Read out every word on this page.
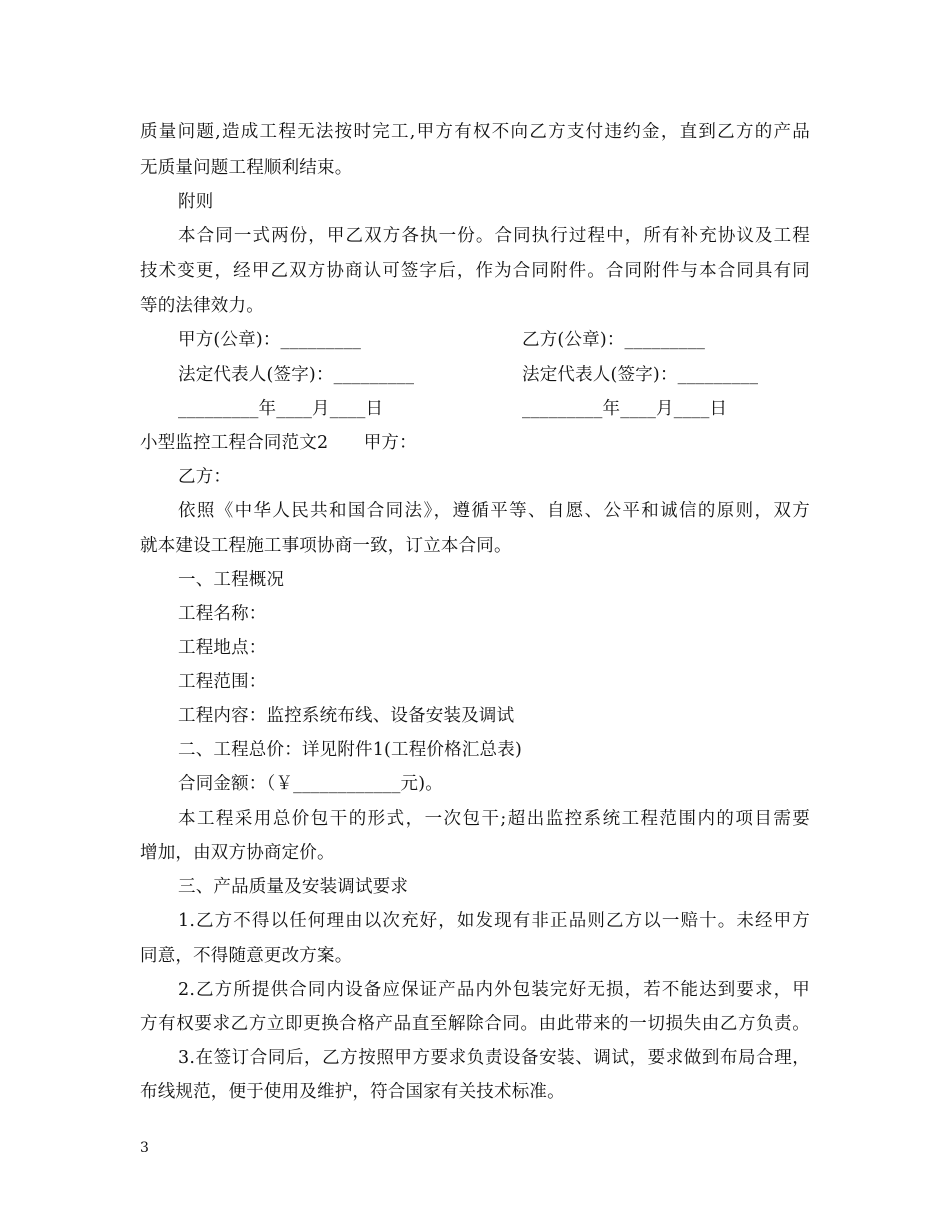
质量问题,造成工程无法按时完工,甲方有权不向乙方支付违约金，直到乙方的产品
无质量问题工程顺利结束。
附则
本合同一式两份，甲乙双方各执一份。合同执行过程中，所有补充协议及工程
技术变更，经甲乙双方协商认可签字后，作为合同附件。合同附件与本合同具有同
等的法律效力。
甲方(公章)：_________	乙方(公章)：_________
法定代表人(签字)：_________	法定代表人(签字)：_________
_________年____月____日	_________年____月____日
小型监控工程合同范文2　　甲方：
乙方：
依照《中华人民共和国合同法》，遵循平等、自愿、公平和诚信的原则，双方
就本建设工程施工事项协商一致，订立本合同。
一、工程概况
工程名称：
工程地点：
工程范围：
工程内容：监控系统布线、设备安装及调试
二、工程总价：详见附件1(工程价格汇总表)
合同金额：（￥____________元)。
本工程采用总价包干的形式，一次包干;超出监控系统工程范围内的项目需要
增加，由双方协商定价。
三、产品质量及安装调试要求
1.乙方不得以任何理由以次充好，如发现有非正品则乙方以一赔十。未经甲方
同意，不得随意更改方案。
2.乙方所提供合同内设备应保证产品内外包装完好无损，若不能达到要求，甲
方有权要求乙方立即更换合格产品直至解除合同。由此带来的一切损失由乙方负责。
3.在签订合同后，乙方按照甲方要求负责设备安装、调试，要求做到布局合理，
布线规范，便于使用及维护，符合国家有关技术标准。
3
